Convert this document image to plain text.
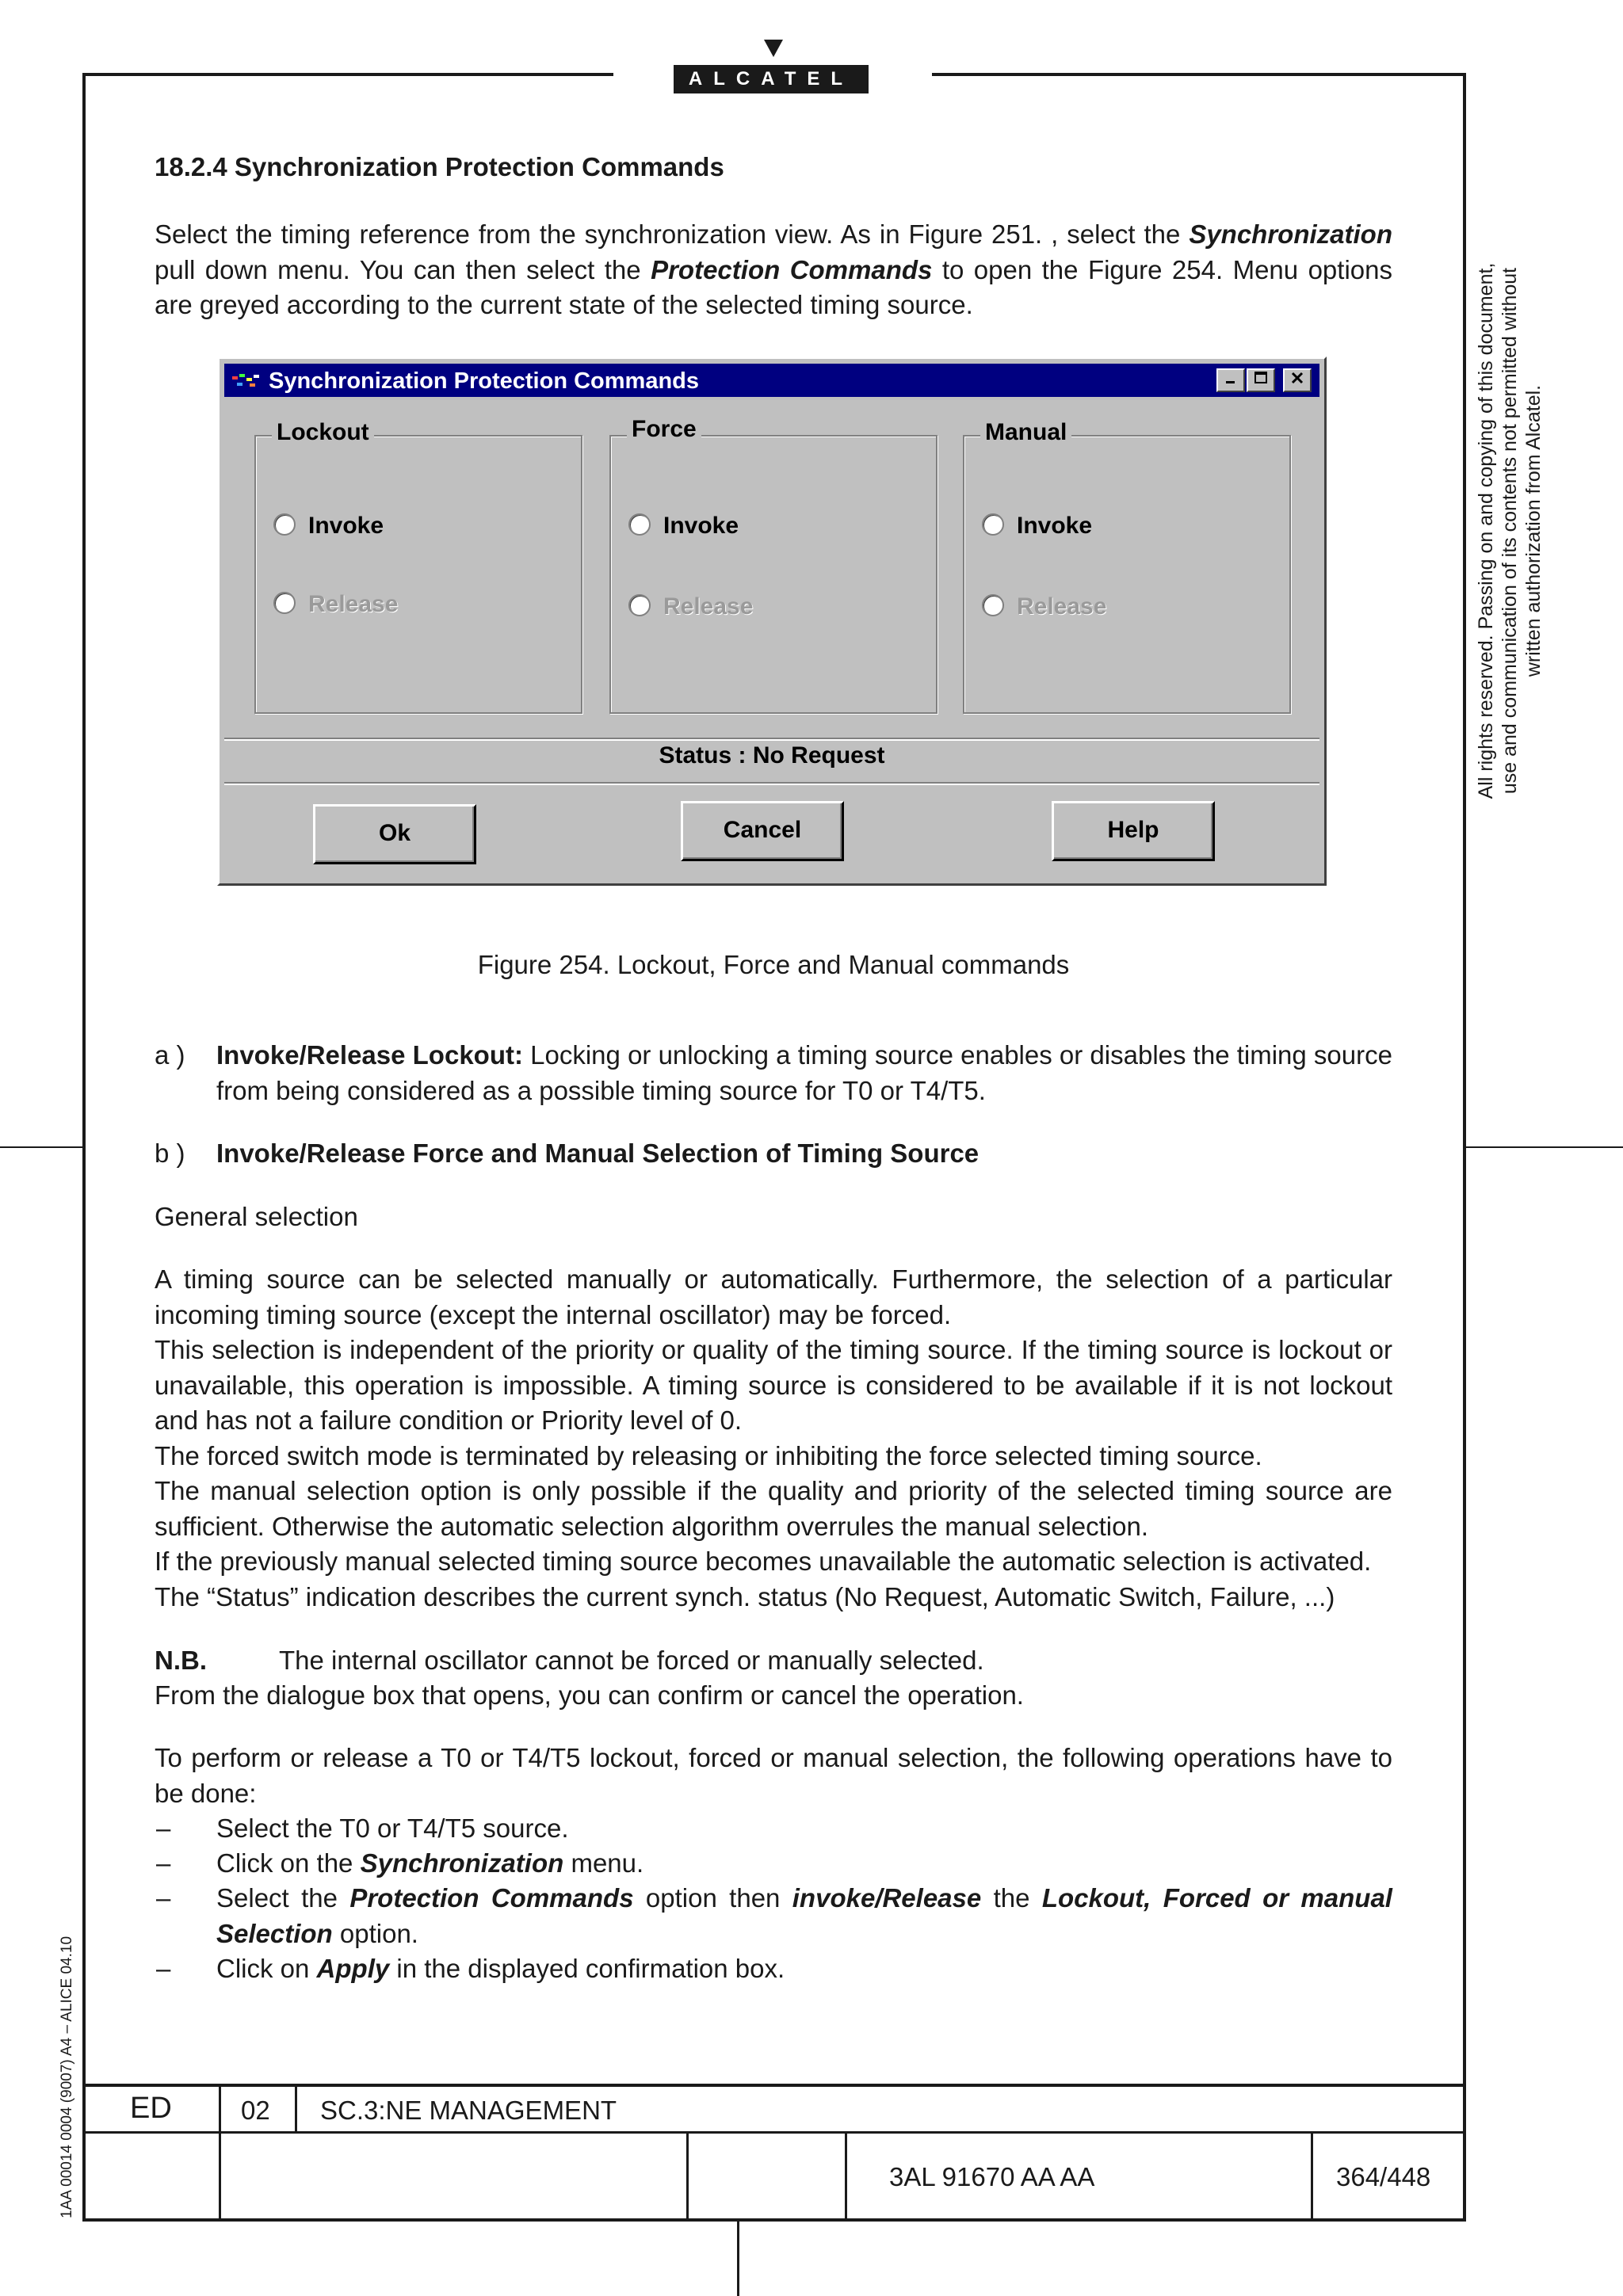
ALCATEL
18.2.4 Synchronization Protection Commands
Select the timing reference from the synchronization view. As in Figure 251. , select the Synchronization pull down menu. You can then select the Protection Commands to open the Figure 254. Menu options are greyed according to the current state of the selected timing source.
Synchronization Protection Commands
Lockout
Invoke
Release
Force
Invoke
Release
Manual
Invoke
Release
Status : No Request
Ok	Cancel	Help
Figure 254. Lockout, Force and Manual commands
a ) Invoke/Release Lockout: Locking or unlocking a timing source enables or disables the timing source from being considered as a possible timing source for T0 or T4/T5.
b ) Invoke/Release Force and Manual Selection of Timing Source
General selection
A timing source can be selected manually or automatically. Furthermore, the selection of a particular incoming timing source (except the internal oscillator) may be forced.
This selection is independent of the priority or quality of the timing source. If the timing source is lockout or unavailable, this operation is impossible. A timing source is considered to be available if it is not lockout and has not a failure condition or Priority level of 0.
The forced switch mode is terminated by releasing or inhibiting the force selected timing source.
The manual selection option is only possible if the quality and priority of the selected timing source are sufficient. Otherwise the automatic selection algorithm overrules the manual selection.
If the previously manual selected timing source becomes unavailable the automatic selection is activated.
The “Status” indication describes the current synch. status (No Request, Automatic Switch, Failure, ...)
N.B.	The internal oscillator cannot be forced or manually selected.
From the dialogue box that opens, you can confirm or cancel the operation.
To perform or release a T0 or T4/T5 lockout, forced or manual selection, the following operations have to be done:
– Select the T0 or T4/T5 source.
– Click on the Synchronization menu.
– Select the Protection Commands option then invoke/Release the Lockout, Forced or manual Selection option.
– Click on Apply in the displayed confirmation box.
All rights reserved. Passing on and copying of this document, use and communication of its contents not permitted without written authorization from Alcatel.
1AA 00014 0004 (9007) A4 – ALICE 04.10 ED	02 SC.3:NE MANAGEMENT
3AL 91670 AA AA	364/448
